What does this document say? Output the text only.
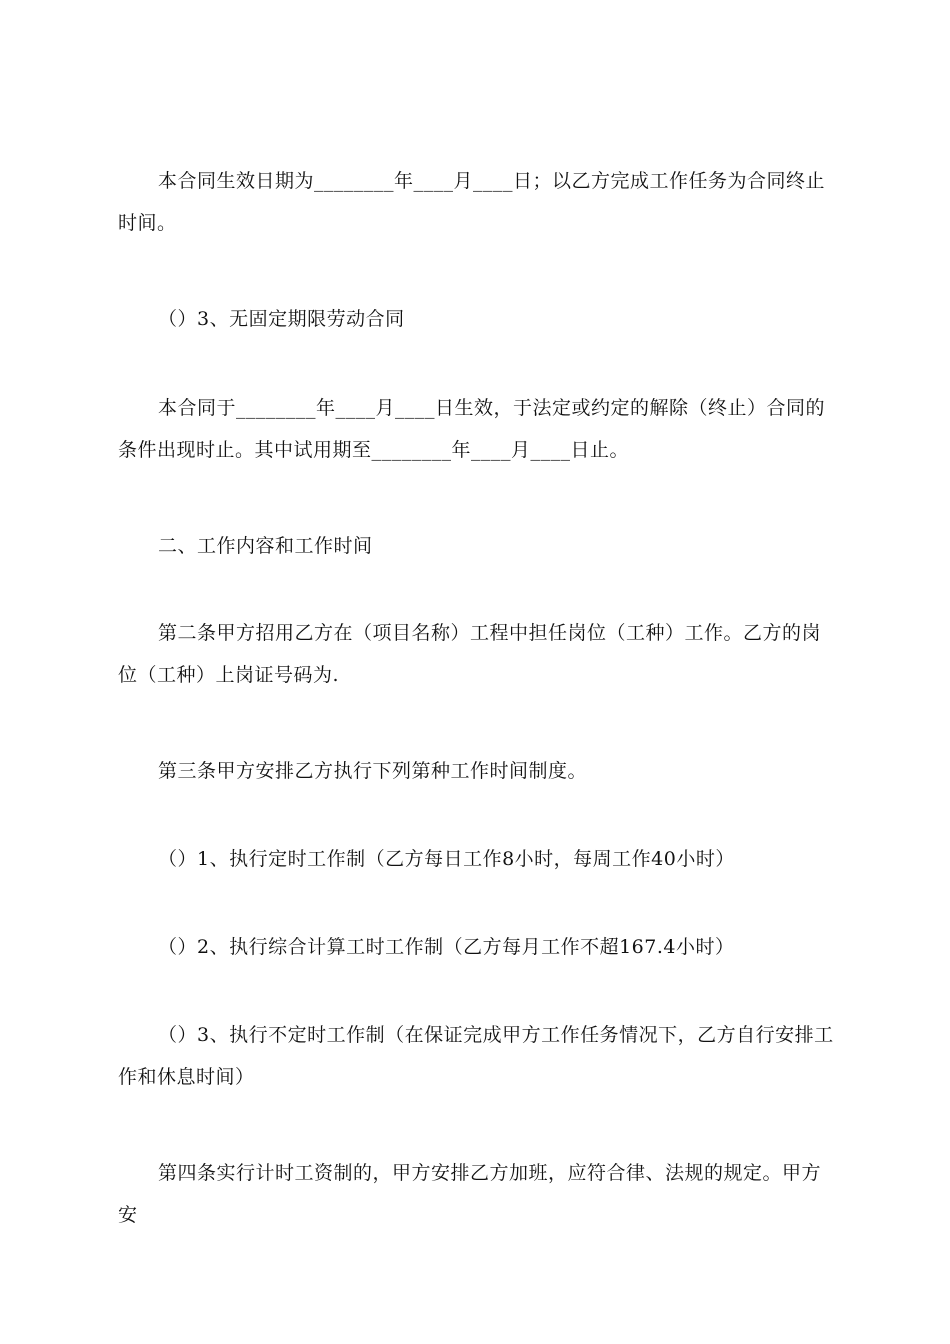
本合同生效日期为________年____月____日；以乙方完成工作任务为合同终止时间。

（）3、无固定期限劳动合同

本合同于________年____月____日生效，于法定或约定的解除（终止）合同的条件出现时止。其中试用期至________年____月____日止。

二、工作内容和工作时间

第二条甲方招用乙方在（项目名称）工程中担任岗位（工种）工作。乙方的岗位（工种）上岗证号码为.

第三条甲方安排乙方执行下列第种工作时间制度。

（）1、执行定时工作制（乙方每日工作8小时，每周工作40小时）

（）2、执行综合计算工时工作制（乙方每月工作不超167.4小时）

（）3、执行不定时工作制（在保证完成甲方工作任务情况下，乙方自行安排工作和休息时间）

第四条实行计时工资制的，甲方安排乙方加班，应符合律、法规的规定。甲方安
